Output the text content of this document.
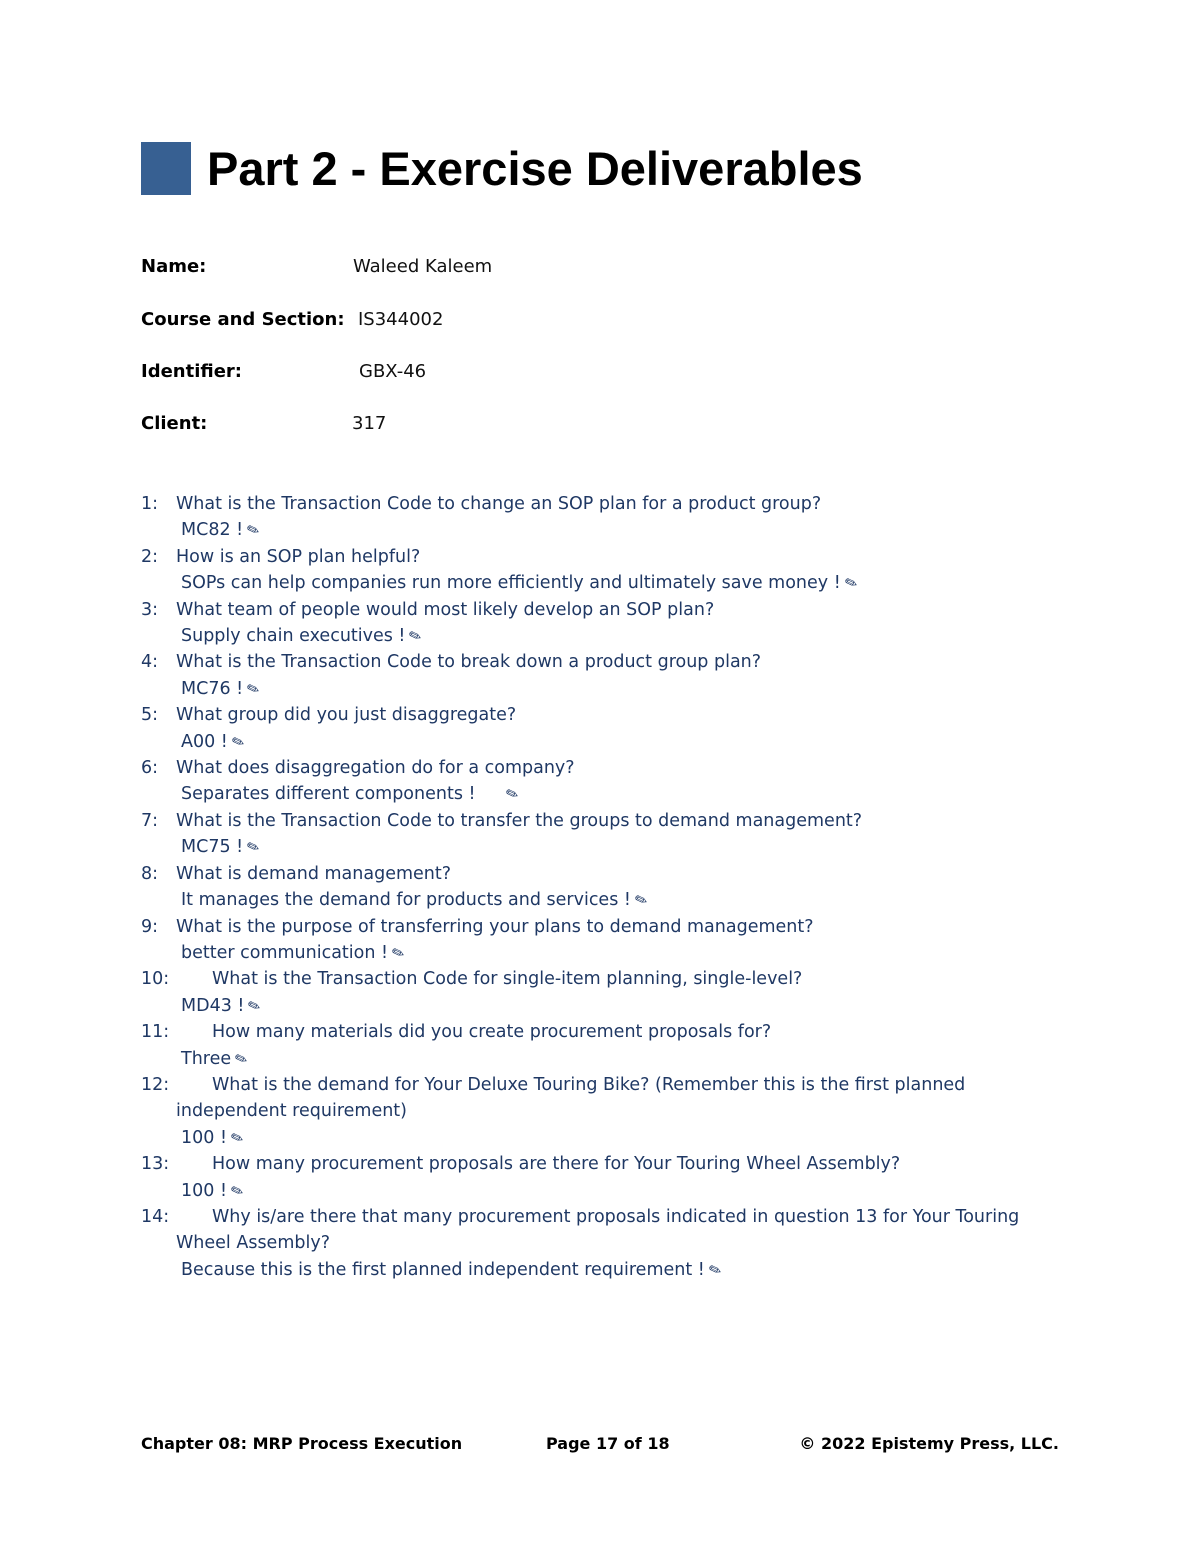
Part 2 - Exercise Deliverables
Name:	Waleed Kaleem
Course and Section: IS344002
Identifier:	GBX-46
Client:	317
1: What is the Transaction Code to change an SOP plan for a product group?
MC82 !✎
2: How is an SOP plan helpful?
SOPs can help companies run more efficiently and ultimately save money !✎
3: What team of people would most likely develop an SOP plan?
Supply chain executives !✎
4: What is the Transaction Code to break down a product group plan?
MC76 !✎
5: What group did you just disaggregate?
A00 !✎
6: What does disaggregation do for a company?
Separates different components ! ✎
7: What is the Transaction Code to transfer the groups to demand management?
MC75 !✎
8: What is demand management?
It manages the demand for products and services !✎
9: What is the purpose of transferring your plans to demand management?
better communication !✎
10: What is the Transaction Code for single-item planning, single-level?
MD43 !✎
11: How many materials did you create procurement proposals for?
Three✎
12: What is the demand for Your Deluxe Touring Bike? (Remember this is the first planned
independent requirement)
100 !✎
13: How many procurement proposals are there for Your Touring Wheel Assembly?
100 !✎
14: Why is/are there that many procurement proposals indicated in question 13 for Your Touring
Wheel Assembly?
Because this is the first planned independent requirement !✎
Chapter 08: MRP Process Execution	Page 17 of 18	© 2022 Epistemy Press, LLC.
